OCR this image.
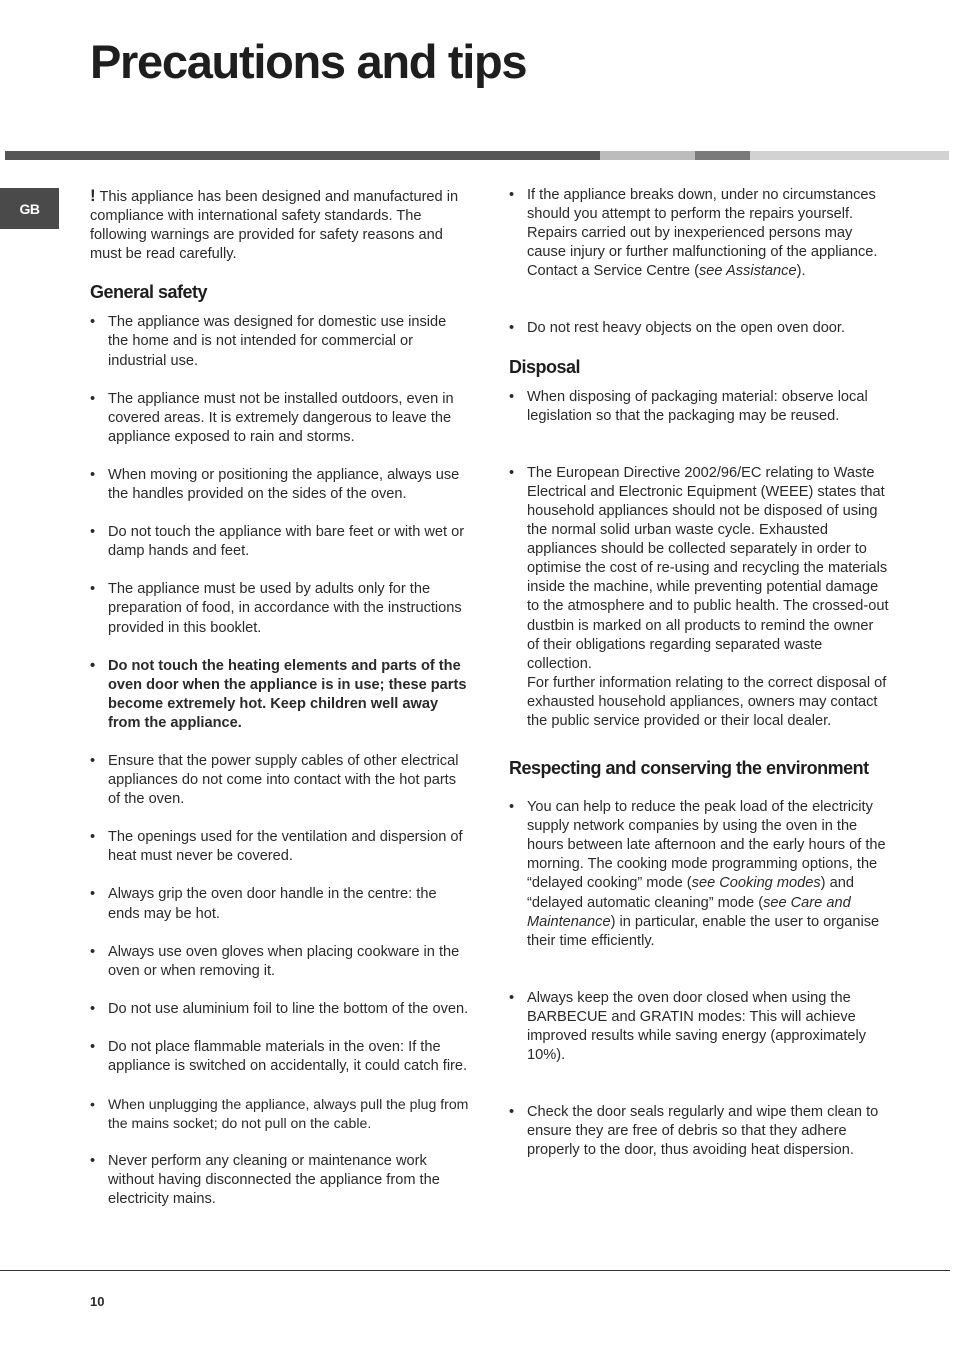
Precautions and tips
GB

! This appliance has been designed and manufactured in compliance with international safety standards. The following warnings are provided for safety reasons and must be read carefully.

General safety
• The appliance was designed for domestic use inside the home and is not intended for commercial or industrial use.
• The appliance must not be installed outdoors, even in covered areas. It is extremely dangerous to leave the appliance exposed to rain and storms.
• When moving or positioning the appliance, always use the handles provided on the sides of the oven.
• Do not touch the appliance with bare feet or with wet or damp hands and feet.
• The appliance must be used by adults only for the preparation of food, in accordance with the instructions provided in this booklet.
• Do not touch the heating elements and parts of the oven door when the appliance is in use; these parts become extremely hot. Keep children well away from the appliance.
• Ensure that the power supply cables of other electrical appliances do not come into contact with the hot parts of the oven.
• The openings used for the ventilation and dispersion of heat must never be covered.
• Always grip the oven door handle in the centre: the ends may be hot.
• Always use oven gloves when placing cookware in the oven or when removing it.
• Do not use aluminium foil to line the bottom of the oven.
• Do not place flammable materials in the oven: If the appliance is switched on accidentally, it could catch fire.
• When unplugging the appliance, always pull the plug from the mains socket; do not pull on the cable.
• Never perform any cleaning or maintenance work without having disconnected the appliance from the electricity mains.
• If the appliance breaks down, under no circumstances should you attempt to perform the repairs yourself. Repairs carried out by inexperienced persons may cause injury or further malfunctioning of the appliance. Contact a Service Centre (see Assistance).
• Do not rest heavy objects on the open oven door.
Disposal
• When disposing of packaging material: observe local legislation so that the packaging may be reused.
• The European Directive 2002/96/EC relating to Waste Electrical and Electronic Equipment (WEEE) states that household appliances should not be disposed of using the normal solid urban waste cycle. Exhausted appliances should be collected separately in order to optimise the cost of re-using and recycling the materials inside the machine, while preventing potential damage to the atmosphere and to public health. The crossed-out dustbin is marked on all products to remind the owner of their obligations regarding separated waste collection.
For further information relating to the correct disposal of exhausted household appliances, owners may contact the public service provided or their local dealer.
Respecting and conserving the environment
• You can help to reduce the peak load of the electricity supply network companies by using the oven in the hours between late afternoon and the early hours of the morning. The cooking mode programming options, the “delayed cooking” mode (see Cooking modes) and “delayed automatic cleaning” mode (see Care and Maintenance) in particular, enable the user to organise their time efficiently.
• Always keep the oven door closed when using the BARBECUE and GRATIN modes: This will achieve improved results while saving energy (approximately 10%).
• Check the door seals regularly and wipe them clean to ensure they are free of debris so that they adhere properly to the door, thus avoiding heat dispersion.
10
